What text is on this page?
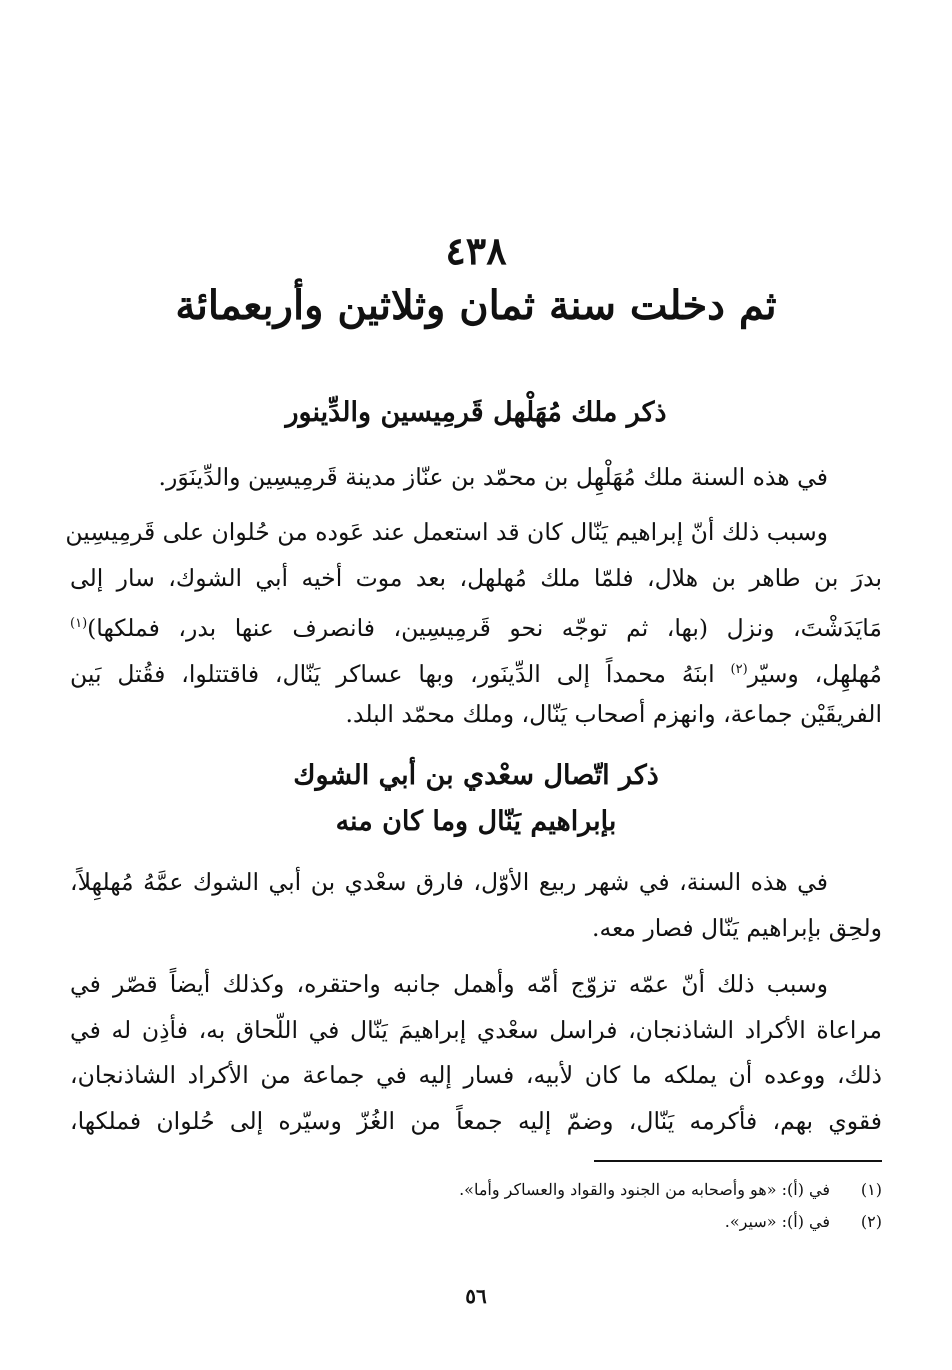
٤٣٨
ثم دخلت سنة ثمان وثلاثين وأربعمائة
ذكر ملك مُهَلْهل قَرمِيسين والدِّينور
في هذه السنة ملك مُهَلْهِل بن محمّد بن عنّاز مدينة قَرمِيسِين والدِّينَوَر.
وسبب ذلك أنّ إبراهيم يَنّال كان قد استعمل عند عَوده من حُلوان على قَرمِيسِين
بدرَ بن طاهر بن هلال، فلمّا ملك مُهلهل، بعد موت أخيه أبي الشوك، سار إلى
مَايَدَشْتَ، ونزل (بها، ثم توجّه نحو قَرمِيسِين، فانصرف عنها بدر، فملكها)$^{(١)}$
مُهلهِل، وسيّر$^{(٢)}$ ابنَهُ محمداً إلى الدِّينَور، وبها عساكر يَنّال، فاقتتلوا، فقُتل بَين
الفريقَيْن جماعة، وانهزم أصحاب يَنّال، وملك محمّد البلد.
ذكر اتّصال سعْدي بن أبي الشوك
بإبراهيم يَنّال وما كان منه
في هذه السنة، في شهر ربيع الأوّل، فارق سعْدي بن أبي الشوك عمَّهُ مُهلهِلاً،
ولحِق بإبراهيم يَنّال فصار معه.
وسبب ذلك أنّ عمّه تزوّج أمّه وأهمل جانبه واحتقره، وكذلك أيضاً قصّر في
مراعاة الأكراد الشاذنجان، فراسل سعْدي إبراهيمَ يَنّال في اللّحاق به، فأذِن له في
ذلك، ووعده أن يملكه ما كان لأبيه، فسار إليه في جماعة من الأكراد الشاذنجان،
فقوي بهم، فأكرمه يَنّال، وضمّ إليه جمعاً من الغُزّ وسيّره إلى حُلوان فملكها،
(١)في (أ): «هو وأصحابه من الجنود والقواد والعساكر وأما».
(٢)في (أ): «سير».
٥٦
